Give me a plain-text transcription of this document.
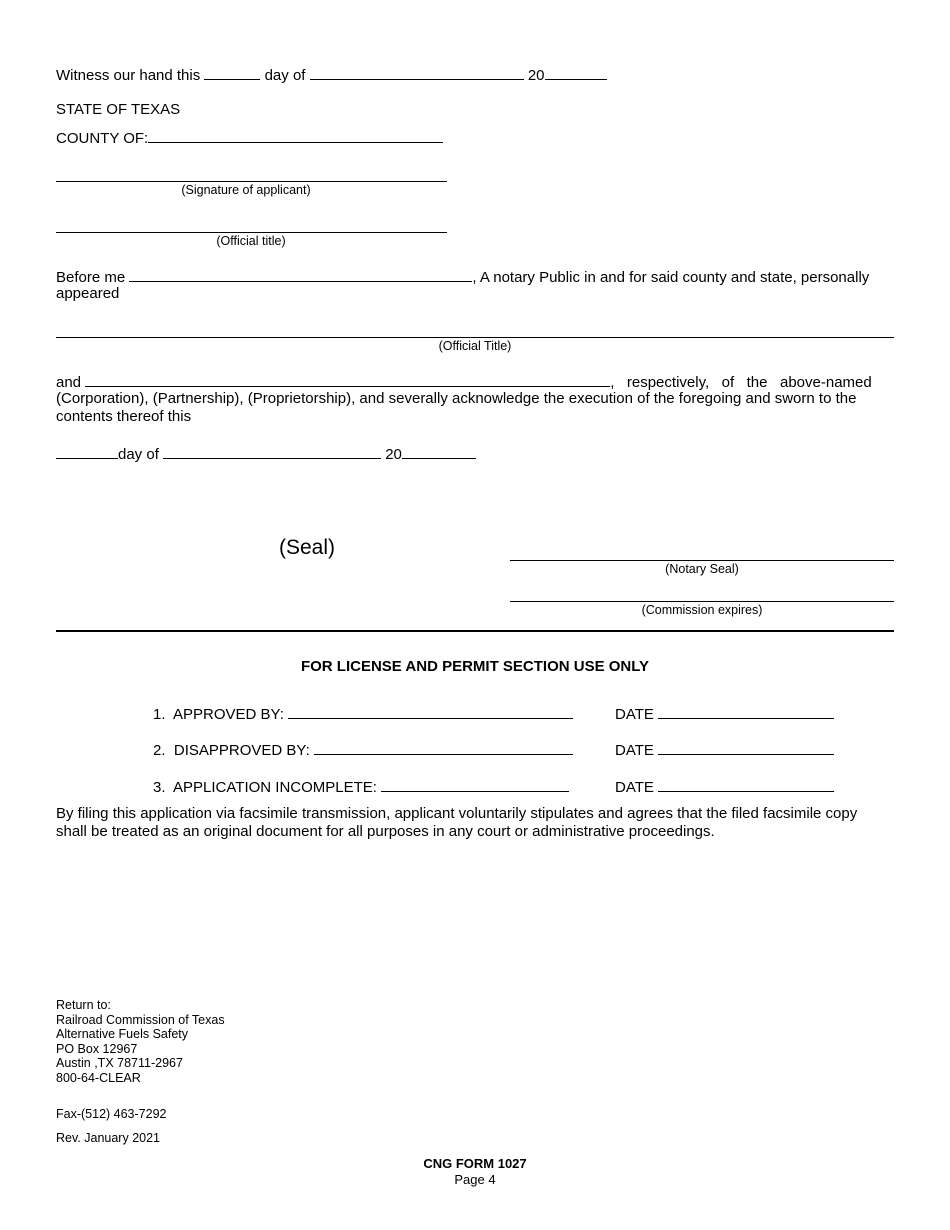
Witness our hand this	day of	20
STATE OF TEXAS
COUNTY OF:
(Signature of applicant)
(Official title)
Before me	, A notary Public in and for said county and state, personally
appeared
(Official Title)
and	,   respectively,   of   the   above-named
(Corporation), (Partnership), (Proprietorship), and severally acknowledge the execution of the foregoing and sworn to the
contents thereof this
day of	20
(Seal)
(Notary Seal)
(Commission expires)
FOR LICENSE AND PERMIT SECTION USE ONLY
1. APPROVED BY:	DATE
2. DISAPPROVED BY:	DATE
3. APPLICATION INCOMPLETE:	DATE
By filing this application via facsimile transmission, applicant voluntarily stipulates and agrees that the filed facsimile copy
shall be treated as an original document for all purposes in any court or administrative proceedings.
Return to:
Railroad Commission of Texas
Alternative Fuels Safety
PO Box 12967
Austin ,TX 78711-2967
800-64-CLEAR
Fax-(512) 463-7292
Rev. January 2021
CNG FORM 1027
Page 4
